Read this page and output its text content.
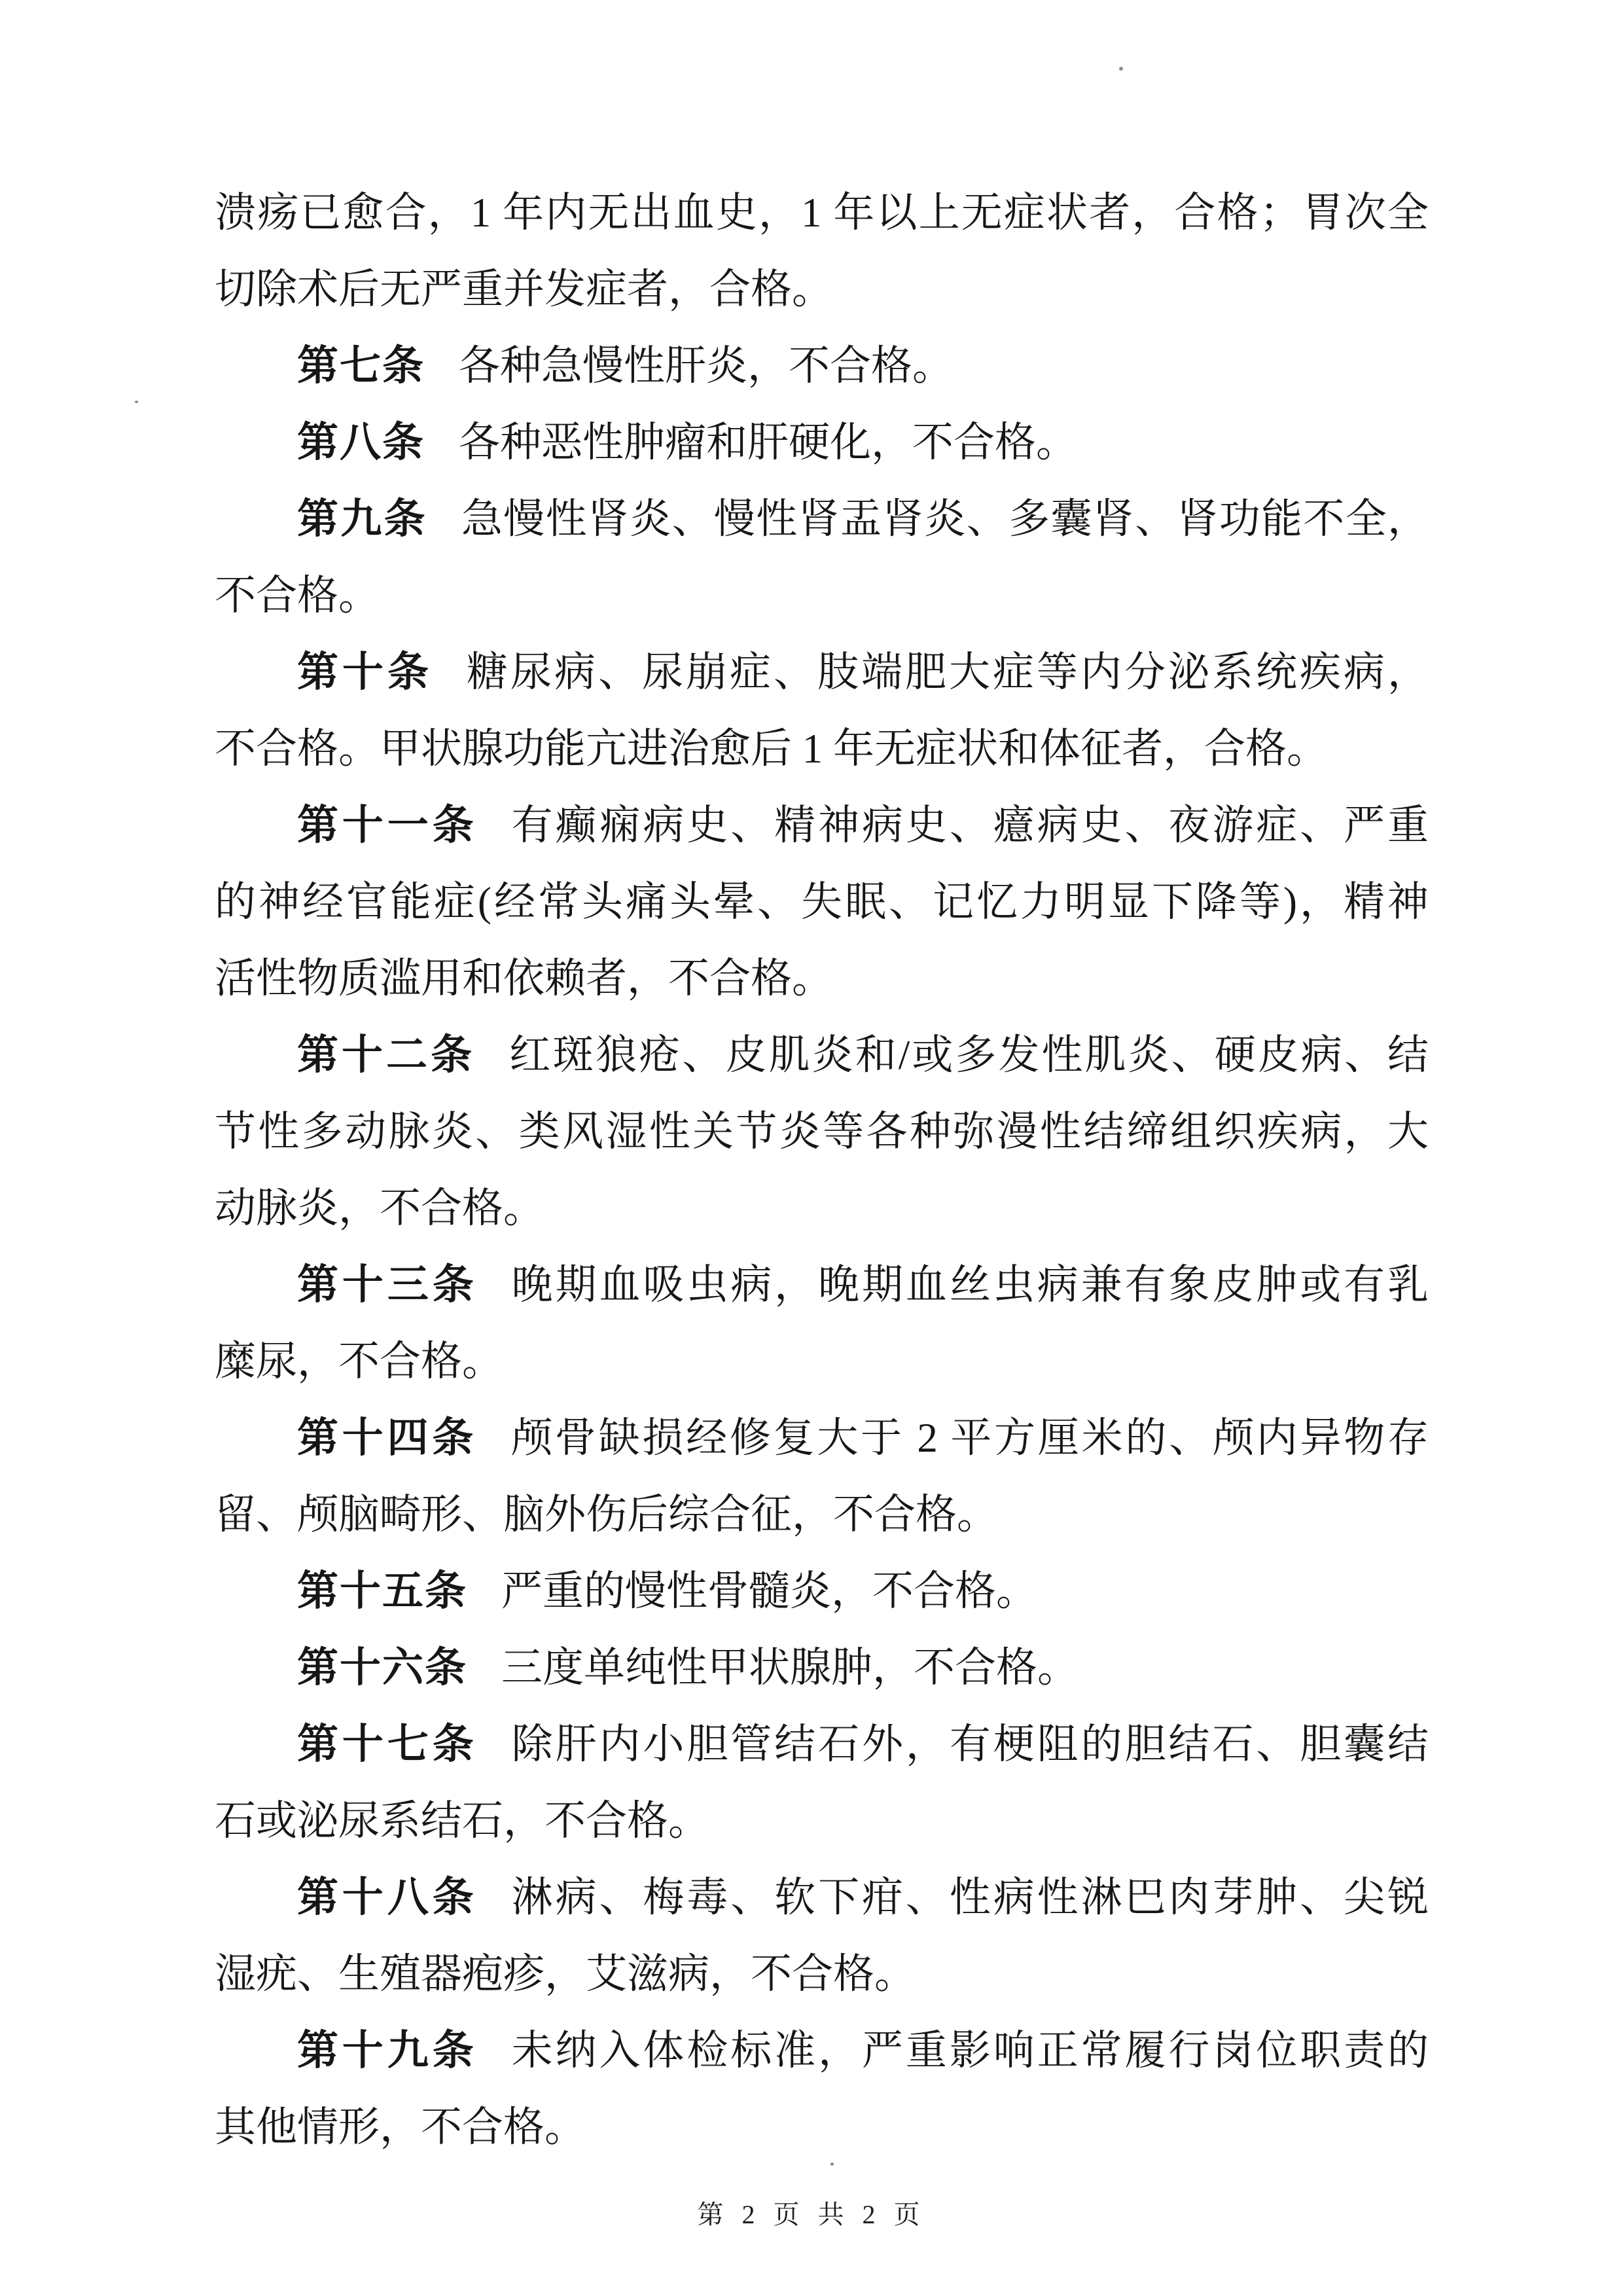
溃疡已愈合，1 年内无出血史，1 年以上无症状者，合格；胃次全
切除术后无严重并发症者，合格。
第七条 各种急慢性肝炎，不合格。
第八条 各种恶性肿瘤和肝硬化，不合格。
第九条 急慢性肾炎、慢性肾盂肾炎、多囊肾、肾功能不全，
不合格。
第十条 糖尿病、尿崩症、肢端肥大症等内分泌系统疾病，
不合格。甲状腺功能亢进治愈后 1 年无症状和体征者，合格。
第十一条 有癫痫病史、精神病史、癔病史、夜游症、严重
的神经官能症(经常头痛头晕、失眠、记忆力明显下降等)，精神
活性物质滥用和依赖者，不合格。
第十二条 红斑狼疮、皮肌炎和/或多发性肌炎、硬皮病、结
节性多动脉炎、类风湿性关节炎等各种弥漫性结缔组织疾病，大
动脉炎，不合格。
第十三条 晚期血吸虫病，晚期血丝虫病兼有象皮肿或有乳
糜尿，不合格。
第十四条 颅骨缺损经修复大于 2 平方厘米的、颅内异物存
留、颅脑畸形、脑外伤后综合征，不合格。
第十五条 严重的慢性骨髓炎，不合格。
第十六条 三度单纯性甲状腺肿，不合格。
第十七条 除肝内小胆管结石外，有梗阻的胆结石、胆囊结
石或泌尿系结石，不合格。
第十八条 淋病、梅毒、软下疳、性病性淋巴肉芽肿、尖锐
湿疣、生殖器疱疹，艾滋病，不合格。
第十九条 未纳入体检标准，严重影响正常履行岗位职责的
其他情形，不合格。
第 2 页 共 2 页
